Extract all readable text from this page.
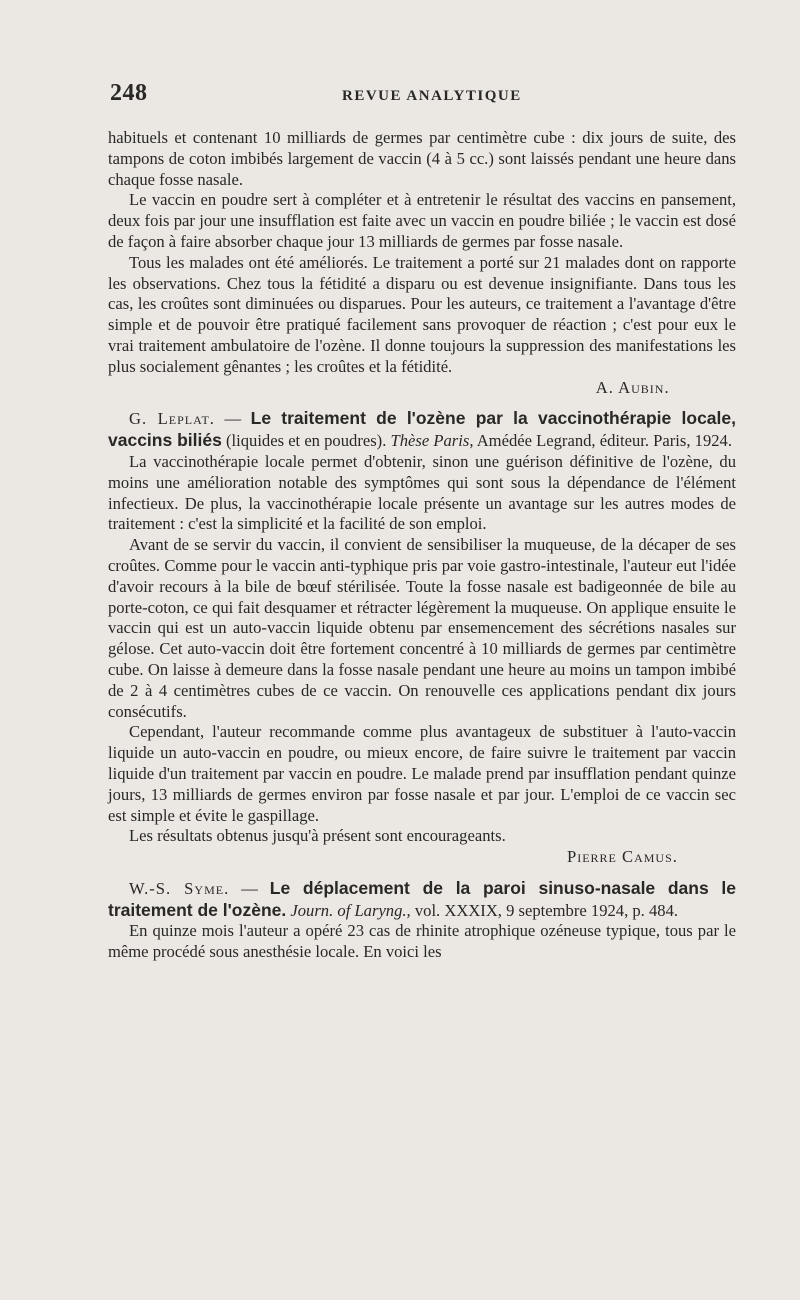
248	REVUE ANALYTIQUE

habituels et contenant 10 milliards de germes par centimètre cube : dix jours de suite, des tampons de coton imbibés largement de vaccin (4 à 5 cc.) sont laissés pendant une heure dans chaque fosse nasale.

Le vaccin en poudre sert à compléter et à entretenir le résultat des vaccins en pansement, deux fois par jour une insufflation est faite avec un vaccin en poudre biliée ; le vaccin est dosé de façon à faire absorber chaque jour 13 milliards de germes par fosse nasale.

Tous les malades ont été améliorés. Le traitement a porté sur 21 malades dont on rapporte les observations. Chez tous la fétidité a disparu ou est devenue insignifiante. Dans tous les cas, les croûtes sont diminuées ou disparues. Pour les auteurs, ce traitement a l'avantage d'être simple et de pouvoir être pratiqué facilement sans provoquer de réaction ; c'est pour eux le vrai traitement ambulatoire de l'ozène. Il donne toujours la suppression des manifestations les plus socialement gênantes ; les croûtes et la fétidité.

A. Aubin.

G. Leplat. — Le traitement de l'ozène par la vaccinothérapie locale, vaccins biliés (liquides et en poudres). Thèse Paris, Amédée Legrand, éditeur. Paris, 1924.

La vaccinothérapie locale permet d'obtenir, sinon une guérison définitive de l'ozène, du moins une amélioration notable des symptômes qui sont sous la dépendance de l'élément infectieux. De plus, la vaccinothérapie locale présente un avantage sur les autres modes de traitement : c'est la simplicité et la facilité de son emploi.

Avant de se servir du vaccin, il convient de sensibiliser la muqueuse, de la décaper de ses croûtes. Comme pour le vaccin anti-typhique pris par voie gastro-intestinale, l'auteur eut l'idée d'avoir recours à la bile de bœuf stérilisée. Toute la fosse nasale est badigeonnée de bile au porte-coton, ce qui fait desquamer et rétracter légèrement la muqueuse. On applique ensuite le vaccin qui est un auto-vaccin liquide obtenu par ensemencement des sécrétions nasales sur gélose. Cet auto-vaccin doit être fortement concentré à 10 milliards de germes par centimètre cube. On laisse à demeure dans la fosse nasale pendant une heure au moins un tampon imbibé de 2 à 4 centimètres cubes de ce vaccin. On renouvelle ces applications pendant dix jours consécutifs.

Cependant, l'auteur recommande comme plus avantageux de substituer à l'auto-vaccin liquide un auto-vaccin en poudre, ou mieux encore, de faire suivre le traitement par vaccin liquide d'un traitement par vaccin en poudre. Le malade prend par insufflation pendant quinze jours, 13 milliards de germes environ par fosse nasale et par jour. L'emploi de ce vaccin sec est simple et évite le gaspillage.

Les résultats obtenus jusqu'à présent sont encourageants.

Pierre Camus.

W.-S. Syme. — Le déplacement de la paroi sinuso-nasale dans le traitement de l'ozène. Journ. of Laryng., vol. XXXIX, 9 septembre 1924, p. 484.

En quinze mois l'auteur a opéré 23 cas de rhinite atrophique ozéneuse typique, tous par le même procédé sous anesthésie locale. En voici les
